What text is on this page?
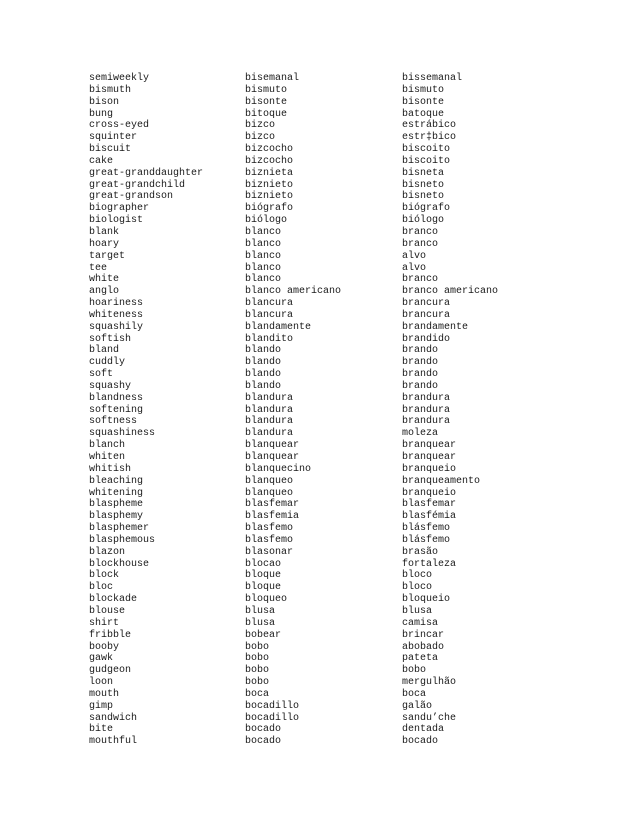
semiweekly	bisemanal	bissemanal
bismuth	bismuto	bismuto
bison	bisonte	bisonte
bung	bitoque	batoque
cross-eyed	bizco	estrábico
squinter	bizco	estr‡bico
biscuit	bizcocho	biscoito
cake	bizcocho	biscoito
great-granddaughter	biznieta	bisneta
great-grandchild	biznieto	bisneto
great-grandson	biznieto	bisneto
biographer	biógrafo	biógrafo
biologist	biólogo	biólogo
blank	blanco	branco
hoary	blanco	branco
target	blanco	alvo
tee	blanco	alvo
white	blanco	branco
anglo	blanco americano	branco americano
hoariness	blancura	brancura
whiteness	blancura	brancura
squashily	blandamente	brandamente
softish	blandito	brandido
bland	blando	brando
cuddly	blando	brando
soft	blando	brando
squashy	blando	brando
blandness	blandura	brandura
softening	blandura	brandura
softness	blandura	brandura
squashiness	blandura	moleza
blanch	blanquear	branquear
whiten	blanquear	branquear
whitish	blanquecino	branqueio
bleaching	blanqueo	branqueamento
whitening	blanqueo	branqueio
blaspheme	blasfemar	blasfemar
blasphemy	blasfemia	blasfémia
blasphemer	blasfemo	blásfemo
blasphemous	blasfemo	blásfemo
blazon	blasonar	brasão
blockhouse	blocao	fortaleza
block	bloque	bloco
bloc	bloque	bloco
blockade	bloqueo	bloqueio
blouse	blusa	blusa
shirt	blusa	camisa
fribble	bobear	brincar
booby	bobo	abobado
gawk	bobo	pateta
gudgeon	bobo	bobo
loon	bobo	mergulhão
mouth	boca	boca
gimp	bocadillo	galão
sandwich	bocadillo	sandu’che
bite	bocado	dentada
mouthful	bocado	bocado
